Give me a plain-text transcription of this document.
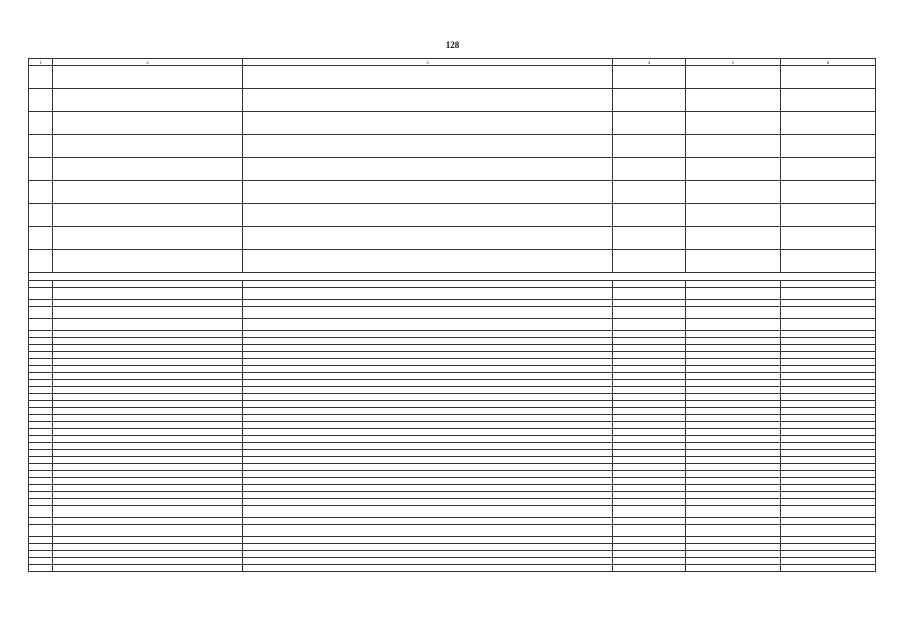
128
1	2	3	4	5	6
